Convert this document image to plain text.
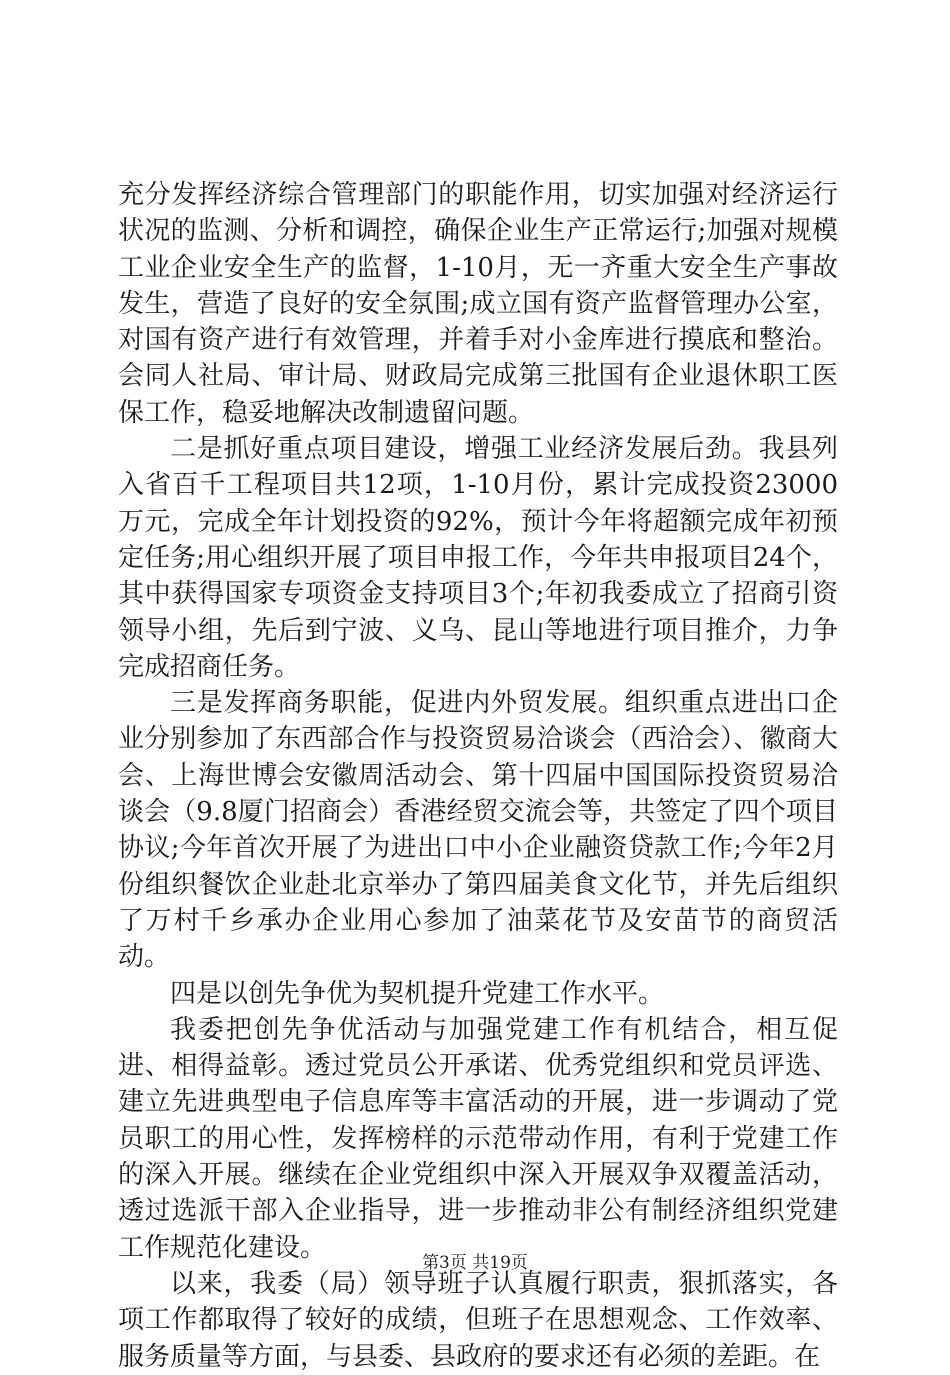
充分发挥经济综合管理部门的职能作用，切实加强对经济运行状况的监测、分析和调控，确保企业生产正常运行;加强对规模工业企业安全生产的监督，1-10月，无一齐重大安全生产事故发生，营造了良好的安全氛围;成立国有资产监督管理办公室，对国有资产进行有效管理，并着手对小金库进行摸底和整治。会同人社局、审计局、财政局完成第三批国有企业退休职工医保工作，稳妥地解决改制遗留问题。

二是抓好重点项目建设，增强工业经济发展后劲。我县列入省百千工程项目共12项，1-10月份，累计完成投资23000万元，完成全年计划投资的92%，预计今年将超额完成年初预定任务;用心组织开展了项目申报工作，今年共申报项目24个，其中获得国家专项资金支持项目3个;年初我委成立了招商引资领导小组，先后到宁波、义乌、昆山等地进行项目推介，力争完成招商任务。

三是发挥商务职能，促进内外贸发展。组织重点进出口企业分别参加了东西部合作与投资贸易洽谈会（西洽会）、徽商大会、上海世博会安徽周活动会、第十四届中国国际投资贸易洽谈会（9.8厦门招商会）香港经贸交流会等，共签定了四个项目协议;今年首次开展了为进出口中小企业融资贷款工作;今年2月份组织餐饮企业赴北京举办了第四届美食文化节，并先后组织了万村千乡承办企业用心参加了油菜花节及安苗节的商贸活动。

四是以创先争优为契机提升党建工作水平。

我委把创先争优活动与加强党建工作有机结合，相互促进、相得益彰。透过党员公开承诺、优秀党组织和党员评选、建立先进典型电子信息库等丰富活动的开展，进一步调动了党员职工的用心性，发挥榜样的示范带动作用，有利于党建工作的深入开展。继续在企业党组织中深入开展双争双覆盖活动，透过选派干部入企业指导，进一步推动非公有制经济组织党建工作规范化建设。

以来，我委（局）领导班子认真履行职责，狠抓落实，各项工作都取得了较好的成绩，但班子在思想观念、工作效率、服务质量等方面，与县委、县政府的要求还有必须的差距。在

第3页 共19页
